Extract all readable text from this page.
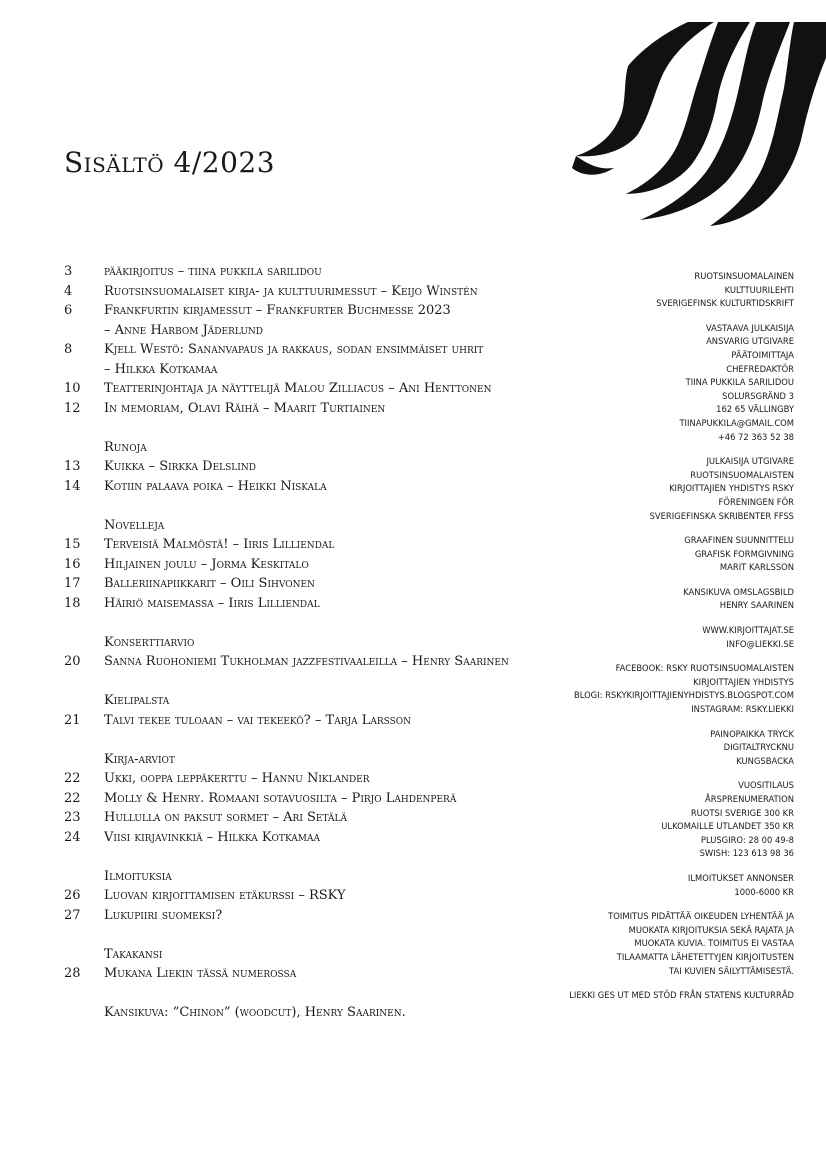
Sisältö 4/2023
3	pääkirjoitus – tiina pukkila sarilidou
4	Ruotsinsuomalaiset kirja- ja kulttuurimessut – Keijo Winstén
6	Frankfurtin kirjamessut – Frankfurter Buchmesse 2023
– Anne Harbom Jäderlund
8	Kjell Westö: Sananvapaus ja rakkaus, sodan ensimmäiset uhrit
– Hilkka Kotkamaa
10	Teatterinjohtaja ja näyttelijä Malou Zilliacus – Ani Henttonen
12	In memoriam, Olavi Räihä – Maarit Turtiainen
Runoja
13	Kuikka – Sirkka Delslind
14	Kotiin palaava poika – Heikki Niskala
Novelleja
15	Terveisiä Malmöstä! – Iiris Lilliendal
16	Hiljainen joulu – Jorma Keskitalo
17	Balleriinapiikkarit – Oili Sihvonen
18	Häiriö maisemassa – Iiris Lilliendal
Konserttiarvio
20	Sanna Ruohoniemi Tukholman jazzfestivaaleilla – Henry Saarinen
Kielipalsta
21	Talvi tekee tuloaan – vai tekeekö? – Tarja Larsson
Kirja-arviot
22	Ukki, ooppa leppäkerttu – Hannu Niklander
22	Molly & Henry. Romaani sotavuosilta – Pirjo Lahdenperä
23	Hullulla on paksut sormet – Ari Setälä
24	Viisi kirjavinkkiä – Hilkka Kotkamaa
Ilmoituksia
26	Luovan kirjoittamisen etäkurssi – RSKY
27	Lukupiiri suomeksi?
Takakansi
28	Mukana Liekin tässä numerossa
Kansikuva: ”Chinon” (woodcut), Henry Saarinen.
RUOTSINSUOMALAINEN
KULTTUURILEHTI
SVERIGEFINSK KULTURTIDSKRIFT
VASTAAVA JULKAISIJA
ANSVARIG UTGIVARE
PÄÄTOIMITTAJA
CHEFREDAKTÖR
TIINA PUKKILA SARILIDOU
SOLURSGRÄND 3
162 65 VÄLLINGBY
TIINAPUKKILA@GMAIL.COM
+46 72 363 52 38
JULKAISIJA UTGIVARE
RUOTSINSUOMALAISTEN
KIRJOITTAJIEN YHDISTYS RSKY
FÖRENINGEN FÖR
SVERIGEFINSKA SKRIBENTER FFSS
GRAAFINEN SUUNNITTELU
GRAFISK FORMGIVNING
MARIT KARLSSON
KANSIKUVA OMSLAGSBILD
HENRY SAARINEN
WWW.KIRJOITTAJAT.SE
INFO@LIEKKI.SE
FACEBOOK: RSKY RUOTSINSUOMALAISTEN
KIRJOITTAJIEN YHDISTYS
BLOGI: RSKYKIRJOITTAJIENYHDISTYS.BLOGSPOT.COM
INSTAGRAM: RSKY.LIEKKI
PAINOPAIKKA TRYCK
DIGITALTRYCKNU
KUNGSBACKA
VUOSITILAUS
ÅRSPRENUMERATION
RUOTSI SVERIGE 300 KR
ULKOMAILLE UTLANDET 350 KR
PLUSGIRO: 28 00 49-8
SWISH: 123 613 98 36
ILMOITUKSET ANNONSER
1000-6000 KR
TOIMITUS PIDÄTTÄÄ OIKEUDEN LYHENTÄÄ JA
MUOKATA KIRJOITUKSIA SEKÄ RAJATA JA
MUOKATA KUVIA. TOIMITUS EI VASTAA
TILAAMATTA LÄHETETTYJEN KIRJOITUSTEN
TAI KUVIEN SÄILYTTÄMISESTÄ.
LIEKKI GES UT MED STÖD FRÅN STATENS KULTURRÅD
